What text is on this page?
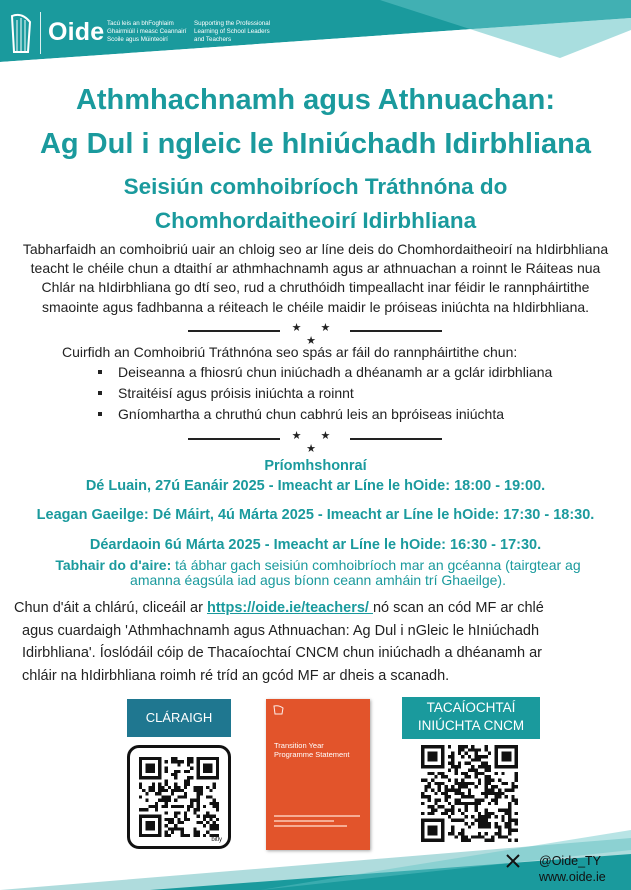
Oide Tacú leis an bhFoghlaim
Ghairmiúil i measc Ceannairí
Scoile agus Múinteoirí
Supporting the Professional
Learning of School Leaders
and Teachers
Athmhachnamh agus Athnuachan:
Ag Dul i ngleic le hIniúchadh Idirbhliana
Seisiún comhoibríoch Tráthnóna do
Chomhordaitheoirí Idirbhliana
Tabharfaidh an comhoibriú uair an chloig seo ar líne deis do Chomhordaitheoirí na hIdirbhliana
teacht le chéile chun a dtaithí ar athmhachnamh agus ar athnuachan a roinnt le Ráiteas nua
Chlár na hIdirbhliana go dtí seo, rud a chruthóidh timpeallacht inar féidir le rannpháirtithe
smaointe agus fadhbanna a réiteach le chéile maidir le próiseas iniúchta na hIdirbhliana.
★ ★ ★
Cuirfidh an Comhoibriú Tráthnóna seo spás ar fáil do rannpháirtithe chun:
Deiseanna a fhiosrú chun iniúchadh a dhéanamh ar a gclár idirbhliana
Straitéisí agus próisis iniúchta a roinnt
Gníomhartha a chruthú chun cabhrú leis an bpróiseas iniúchta
★ ★ ★
Príomhshonraí
Dé Luain, 27ú Eanáir 2025 - Imeacht ar Líne le hOide: 18:00 - 19:00.
Leagan Gaeilge: Dé Máirt, 4ú Márta 2025 - Imeacht ar Líne le hOide: 17:30 - 18:30.
Déardaoin 6ú Márta 2025 - Imeacht ar Líne le hOide: 16:30 - 17:30.
Tabhair do d'aire: tá ábhar gach seisiún comhoibríoch mar an gcéanna (tairgtear ag
amanna éagsúla iad agus bíonn ceann amháin trí Ghaeilge).
Chun d'áit a chlárú, cliceáil ar https://oide.ie/teachers/ nó scan an cód MF ar chlé
agus cuardaigh 'Athmhachnamh agus Athnuachan: Ag Dul i nGleic le hIniúchadh
Idirbhliana'. Íoslódáil cóip de Thacaíochtaí CNCM chun iniúchadh a dhéanamh ar
chláir na hIdirbhliana roimh ré tríd an gcód MF ar dheis a scanadh.
CLÁRAIGH
bitly
Transition Year
Programme Statement
TACAÍOCHTAÍ
INIÚCHTA CNCM
@Oide_TY
www.oide.ie
